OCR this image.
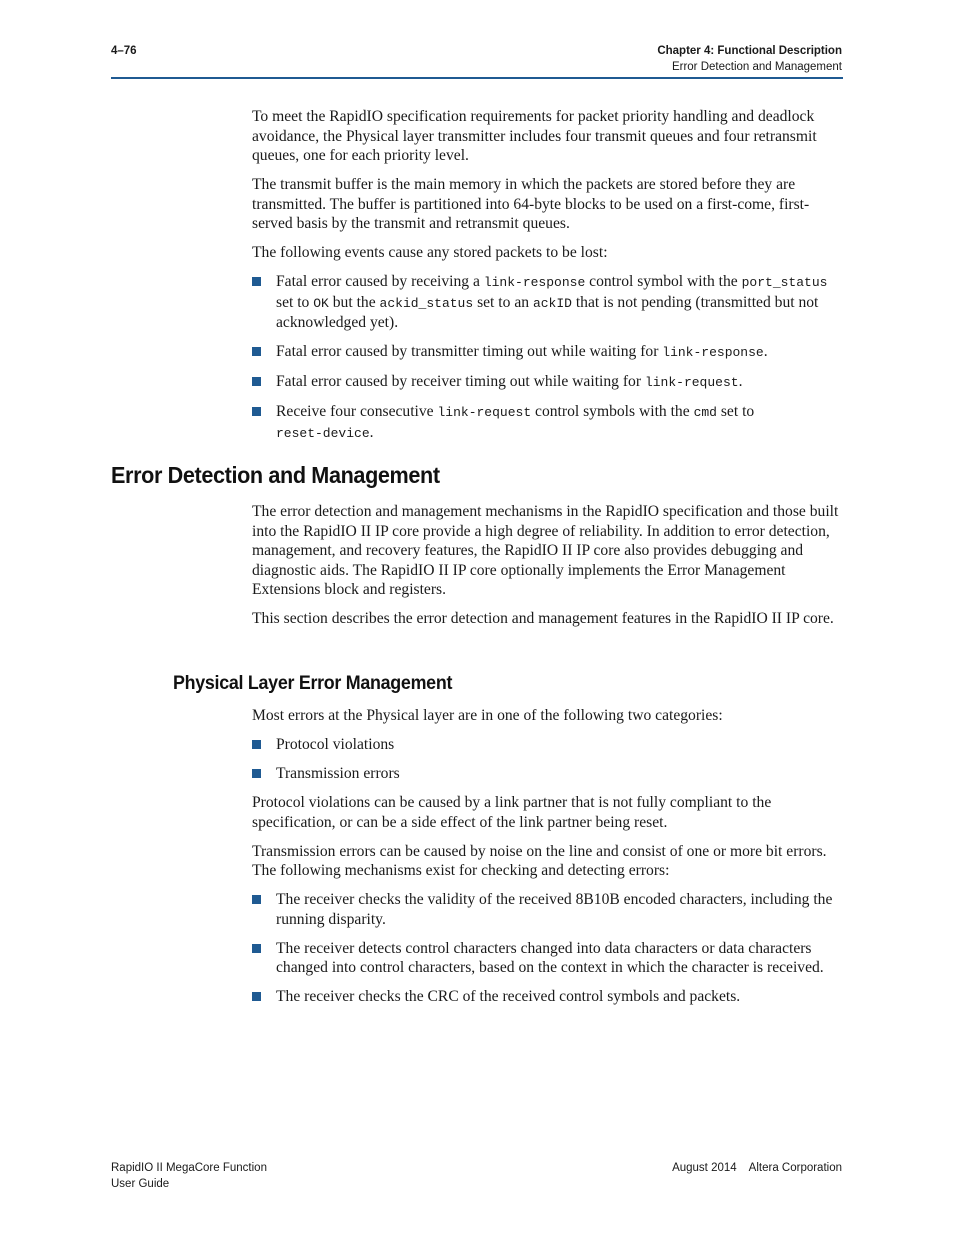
4–76	Chapter 4: Functional Description
Error Detection and Management

To meet the RapidIO specification requirements for packet priority handling and deadlock avoidance, the Physical layer transmitter includes four transmit queues and four retransmit queues, one for each priority level.

The transmit buffer is the main memory in which the packets are stored before they are transmitted. The buffer is partitioned into 64-byte blocks to be used on a first-come, first-served basis by the transmit and retransmit queues.

The following events cause any stored packets to be lost:

Fatal error caused by receiving a link-response control symbol with the port_status set to OK but the ackid_status set to an ackID that is not pending (transmitted but not acknowledged yet).
Fatal error caused by transmitter timing out while waiting for link-response.
Fatal error caused by receiver timing out while waiting for link-request.
Receive four consecutive link-request control symbols with the cmd set to
reset-device.
Error Detection and Management

The error detection and management mechanisms in the RapidIO specification and those built into the RapidIO II IP core provide a high degree of reliability. In addition to error detection, management, and recovery features, the RapidIO II IP core also provides debugging and diagnostic aids. The RapidIO II IP core optionally implements the Error Management Extensions block and registers.

This section describes the error detection and management features in the RapidIO II IP core.

Physical Layer Error Management

Most errors at the Physical layer are in one of the following two categories:

Protocol violations
Transmission errors

Protocol violations can be caused by a link partner that is not fully compliant to the specification, or can be a side effect of the link partner being reset.

Transmission errors can be caused by noise on the line and consist of one or more bit errors. The following mechanisms exist for checking and detecting errors:

The receiver checks the validity of the received 8B10B encoded characters, including the running disparity.
The receiver detects control characters changed into data characters or data characters changed into control characters, based on the context in which the character is received.
The receiver checks the CRC of the received control symbols and packets.
RapidIO II MegaCore Function
User Guide
August 2014 Altera Corporation
